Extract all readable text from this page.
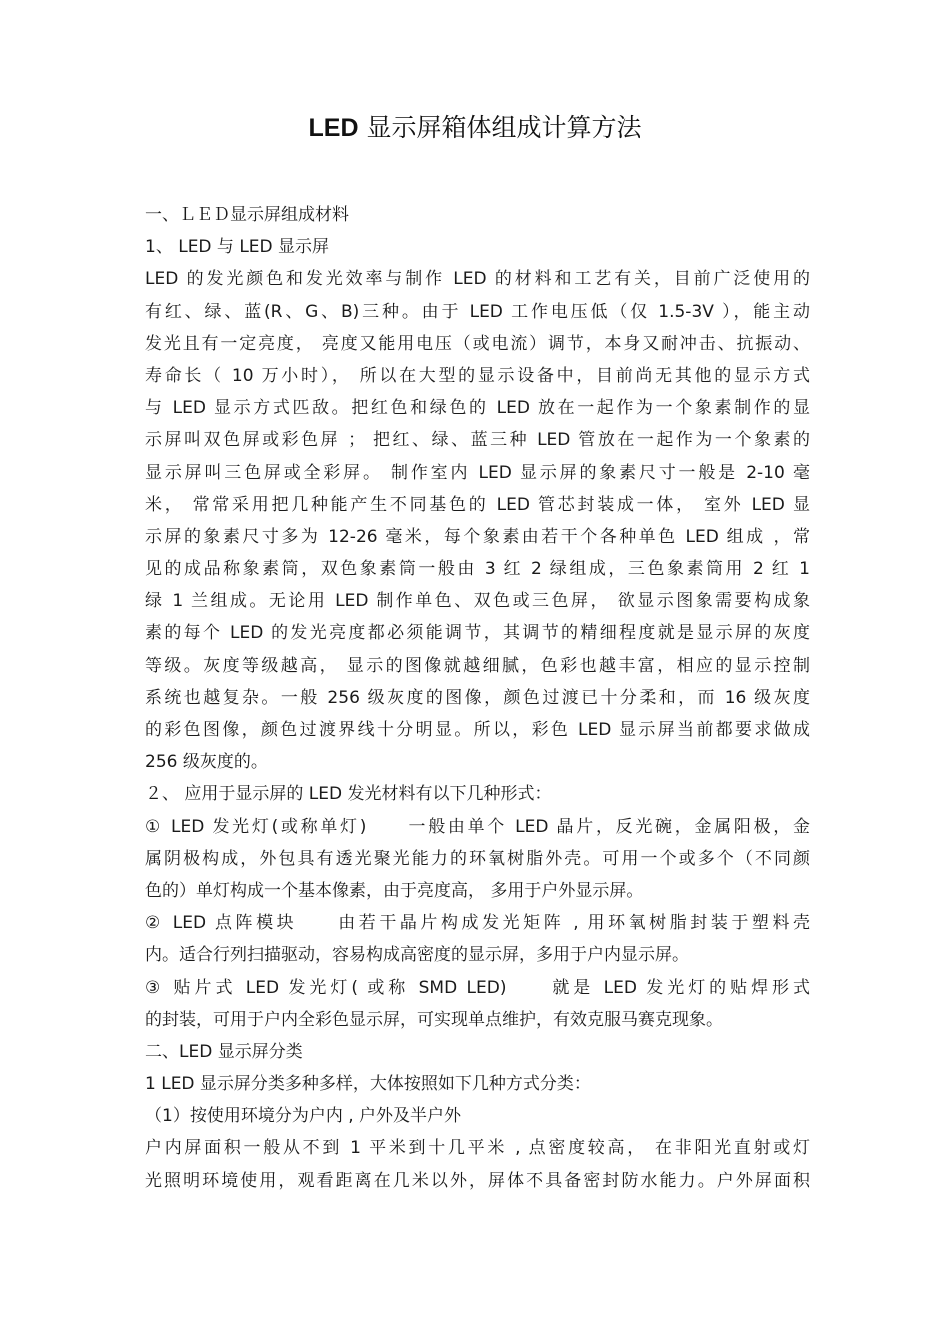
LED 显示屏箱体组成计算方法
一、ＬＥＤ显示屏组成材料
1、 LED 与 LED 显示屏
LED 的发光颜色和发光效率与制作 LED 的材料和工艺有关，目前广泛使用的
有红、绿、蓝(R、G、B)三种。由于 LED 工作电压低（仅 1.5-3V ），能主动
发光且有一定亮度， 亮度又能用电压（或电流）调节，本身又耐冲击、抗振动、
寿命长（ 10 万小时）， 所以在大型的显示设备中，目前尚无其他的显示方式
与 LED 显示方式匹敌。把红色和绿色的 LED 放在一起作为一个象素制作的显
示屏叫双色屏或彩色屏 ； 把红、绿、蓝三种 LED 管放在一起作为一个象素的
显示屏叫三色屏或全彩屏。 制作室内 LED 显示屏的象素尺寸一般是 2-10 毫
米， 常常采用把几种能产生不同基色的 LED 管芯封装成一体， 室外 LED 显
示屏的象素尺寸多为 12-26 毫米，每个象素由若干个各种单色 LED 组成 ，常
见的成品称象素筒，双色象素筒一般由 3 红 2 绿组成，三色象素筒用 2 红 1
绿 1 兰组成。无论用 LED 制作单色、双色或三色屏， 欲显示图象需要构成象
素的每个 LED 的发光亮度都必须能调节，其调节的精细程度就是显示屏的灰度
等级。灰度等级越高， 显示的图像就越细腻，色彩也越丰富，相应的显示控制
系统也越复杂。一般 256 级灰度的图像，颜色过渡已十分柔和，而 16 级灰度
的彩色图像，颜色过渡界线十分明显。所以，彩色 LED 显示屏当前都要求做成
256 级灰度的。
２、 应用于显示屏的 LED 发光材料有以下几种形式：
① LED 发光灯(或称单灯)　　一般由单个 LED 晶片，反光碗，金属阳极，金
属阴极构成，外包具有透光聚光能力的环氧树脂外壳。可用一个或多个（不同颜
色的）单灯构成一个基本像素，由于亮度高， 多用于户外显示屏。
② LED 点阵模块　　由若干晶片构成发光矩阵 , 用环氧树脂封装于塑料壳
内。适合行列扫描驱动，容易构成高密度的显示屏，多用于户内显示屏。
③ 贴片式 LED 发光灯( 或称 SMD LED)　　就是 LED 发光灯的贴焊形式
的封装，可用于户内全彩色显示屏，可实现单点维护，有效克服马赛克现象。
二、LED 显示屏分类
1 LED 显示屏分类多种多样，大体按照如下几种方式分类：
（1）按使用环境分为户内 , 户外及半户外
户内屏面积一般从不到 1 平米到十几平米 , 点密度较高， 在非阳光直射或灯
光照明环境使用，观看距离在几米以外，屏体不具备密封防水能力。户外屏面积
